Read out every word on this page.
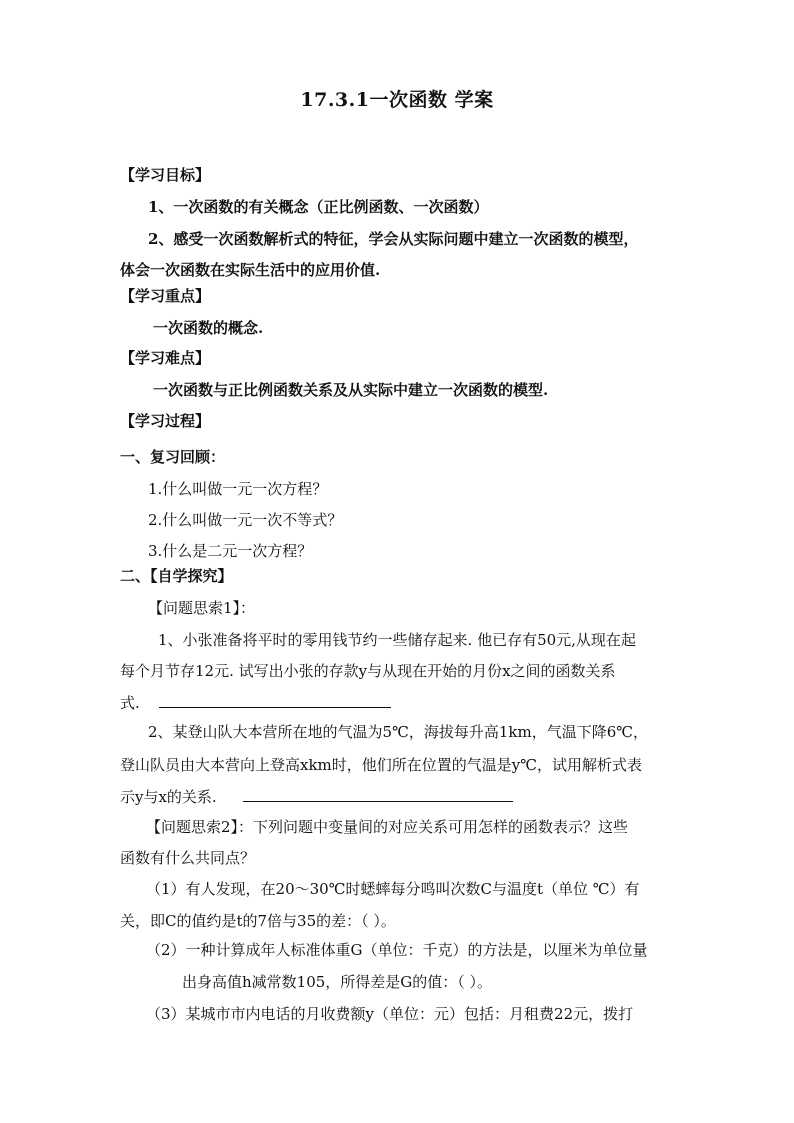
17.3.1一次函数 学案
【学习目标】
1、一次函数的有关概念（正比例函数、一次函数）
2、感受一次函数解析式的特征，学会从实际问题中建立一次函数的模型，
体会一次函数在实际生活中的应用价值.
【学习重点】
一次函数的概念.
【学习难点】
一次函数与正比例函数关系及从实际中建立一次函数的模型.
【学习过程】
一、复习回顾：
1.什么叫做一元一次方程？
2.什么叫做一元一次不等式？
3.什么是二元一次方程？
二、【自学探究】
【问题思索1】：
1、小张准备将平时的零用钱节约一些储存起来. 他已存有50元,从现在起
每个月节存12元. 试写出小张的存款y与从现在开始的月份x之间的函数关系
式.
2、某登山队大本营所在地的气温为5℃，海拔每升高1km，气温下降6℃，
登山队员由大本营向上登高xkm时，他们所在位置的气温是y℃，试用解析式表
示y与x的关系.
【问题思索2】：下列问题中变量间的对应关系可用怎样的函数表示？这些
函数有什么共同点？
（1）有人发现，在20～30℃时蟋蟀每分鸣叫次数C与温度t（单位 ℃）有
关，即C的值约是t的7倍与35的差：（ ）。
（2）一种计算成年人标准体重G（单位：千克）的方法是，以厘米为单位量
出身高值h减常数105，所得差是G的值：（ ）。
（3）某城市市内电话的月收费额y（单位：元）包括：月租费22元，拨打
